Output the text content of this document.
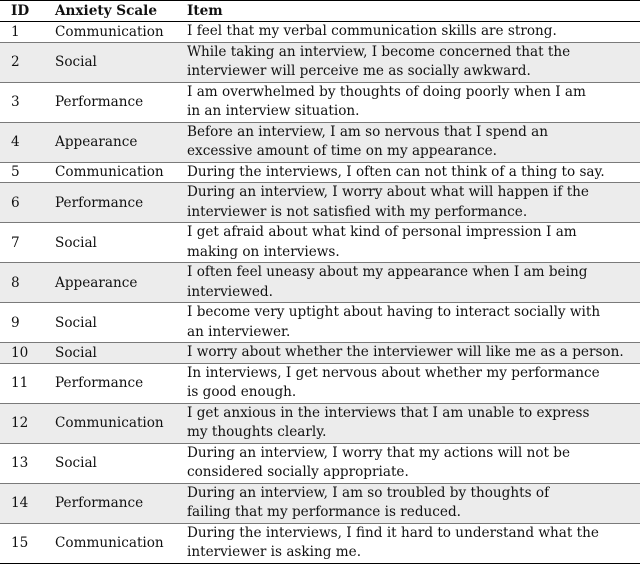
ID	Anxiety Scale	Item
1	Communication	I feel that my verbal communication skills are strong.

2	Social	While taking an interview, I become concerned that the
interviewer will perceive me as socially awkward.

3	Performance	I am overwhelmed by thoughts of doing poorly when I am
in an interview situation.

4	Appearance	Before an interview, I am so nervous that I spend an
excessive amount of time on my appearance.

5	Communication	During the interviews, I often can not think of a thing to say.

6	Performance	During an interview, I worry about what will happen if the
interviewer is not satisfied with my performance.

7	Social	I get afraid about what kind of personal impression I am
making on interviews.

8	Appearance	I often feel uneasy about my appearance when I am being
interviewed.

9	Social	I become very uptight about having to interact socially with
an interviewer.

10	Social	I worry about whether the interviewer will like me as a person.

11	Performance	In interviews, I get nervous about whether my performance
is good enough.

12	Communication	I get anxious in the interviews that I am unable to express
my thoughts clearly.

13	Social	During an interview, I worry that my actions will not be
considered socially appropriate.

14	Performance	During an interview, I am so troubled by thoughts of
failing that my performance is reduced.

15	Communication	During the interviews, I find it hard to understand what the
interviewer is asking me.
